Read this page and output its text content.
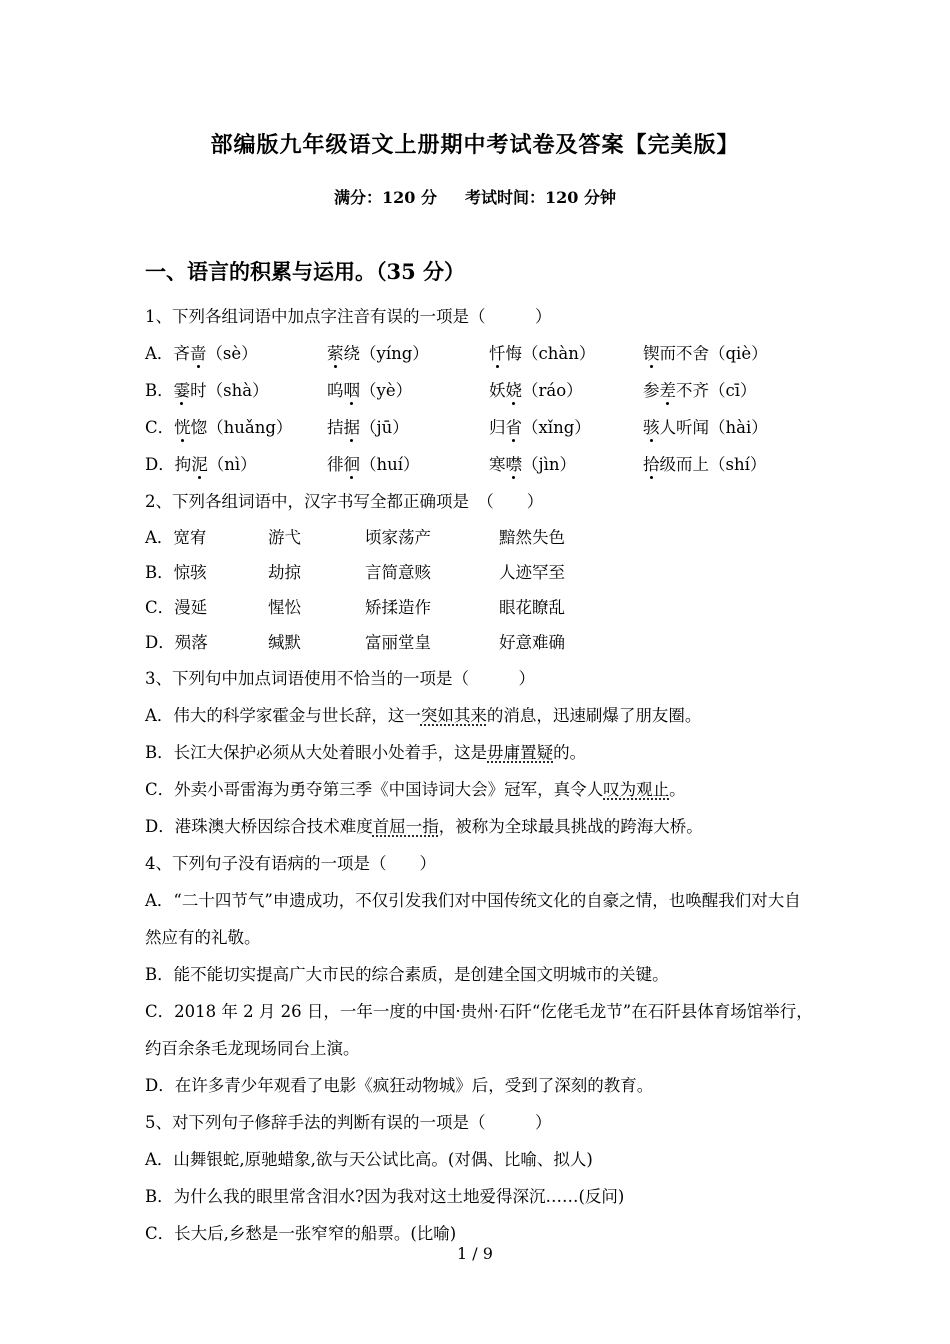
部编版九年级语文上册期中考试卷及答案【完美版】
满分：120 分 考试时间：120 分钟
一、语言的积累与运用。（35 分）
1、下列各组词语中加点字注音有误的一项是（　　　）
A．吝啬（sè）	萦绕（yíng）	忏悔（chàn）	锲而不舍（qiè）
B．霎时（shà）	呜咽（yè）	妖娆（ráo）	参差不齐（cī）
C．恍惚（huǎng）	拮据（jū）	归省（xǐng）	骇人听闻（hài）
D．拘泥（nì）	徘徊（huí）	寒噤（jìn）	拾级而上（shí）
2、下列各组词语中，汉字书写全都正确项是　（　　）
A．宽宥	游弋	顷家荡产	黯然失色
B．惊骇	劫掠	言简意赅	人迹罕至
C．漫延	惺忪	矫揉造作	眼花瞭乱
D．殒落	缄默	富丽堂皇	好意难确
3、下列句中加点词语使用不恰当的一项是（　　　）
A．伟大的科学家霍金与世长辞，这一突如其来的消息，迅速刷爆了朋友圈。
B．长江大保护必须从大处着眼小处着手，这是毋庸置疑的。
C．外卖小哥雷海为勇夺第三季《中国诗词大会》冠军，真令人叹为观止。
D．港珠澳大桥因综合技术难度首屈一指，被称为全球最具挑战的跨海大桥。
4、下列句子没有语病的一项是（　　）
A．“二十四节气”申遗成功，不仅引发我们对中国传统文化的自豪之情，也唤醒我们对大自然应有的礼敬。
B．能不能切实提高广大市民的综合素质，是创建全国文明城市的关键。
C．2018 年 2 月 26 日，一年一度的中国·贵州·石阡“仡佬毛龙节”在石阡县体育场馆举行，约百余条毛龙现场同台上演。
D．在许多青少年观看了电影《疯狂动物城》后，受到了深刻的教育。
5、对下列句子修辞手法的判断有误的一项是（　　　）
A．山舞银蛇,原驰蜡象,欲与天公试比高。(对偶、比喻、拟人)
B．为什么我的眼里常含泪水?因为我对这土地爱得深沉……(反问)
C．长大后,乡愁是一张窄窄的船票。(比喻)
1 / 9
